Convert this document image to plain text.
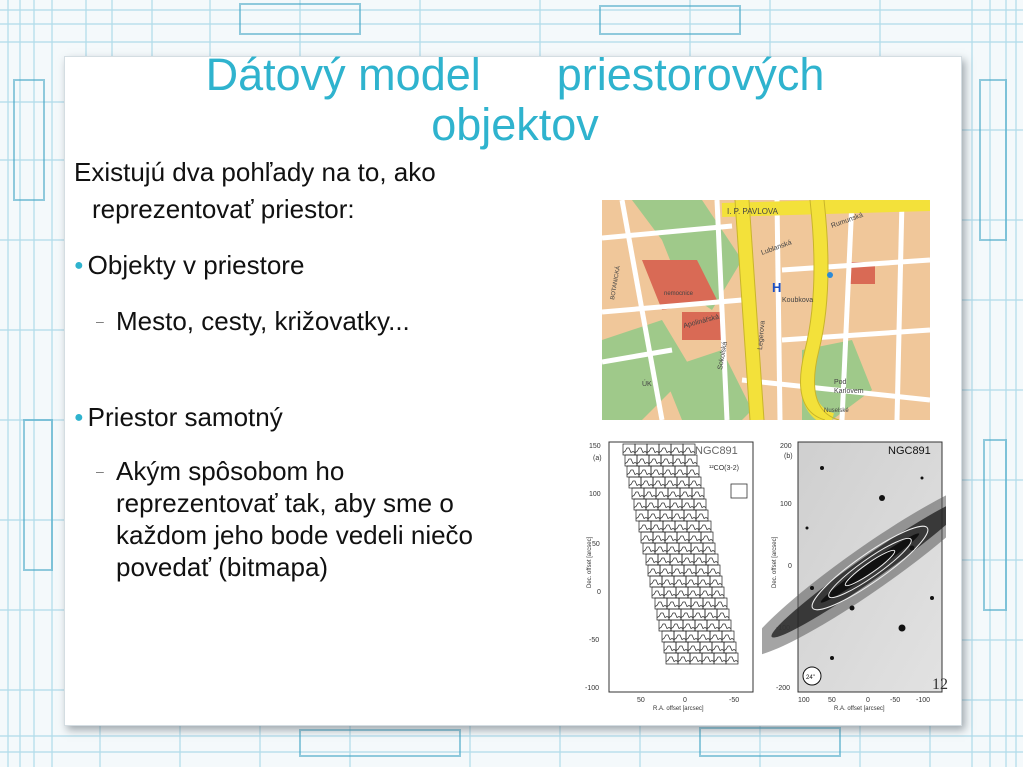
Dátový model priestorových
objektov
Existujú dva pohľady na to, ako
reprezentovať priestor:
● Objekty v priestore
– Mesto, cesty, križovatky...
● Priestor samotný
– Akým spôsobom ho
reprezentovať tak, aby sme o
každom jeho bode vedeli niečo
povedať (bitmapa)
H
I. P. PAVLOVA
Rumunská
Lublanská
Sokolská
Apolinářská
Koubkova
nemocnice
BOTANICKÁ
ÚK	Pod
Karlovem
Nuselské
Legerova
150
100
50
0
-50
-100
Dec. offset [arcsec]
(a)
NGC891
¹²CO(3-2)
50	0	-50
R.A. offset [arcsec]
24"
NGC891
(b)
200
100
0
-100
-200
Dec. offset [arcsec]
100	50	0	-50 -100
R.A. offset [arcsec]
12
